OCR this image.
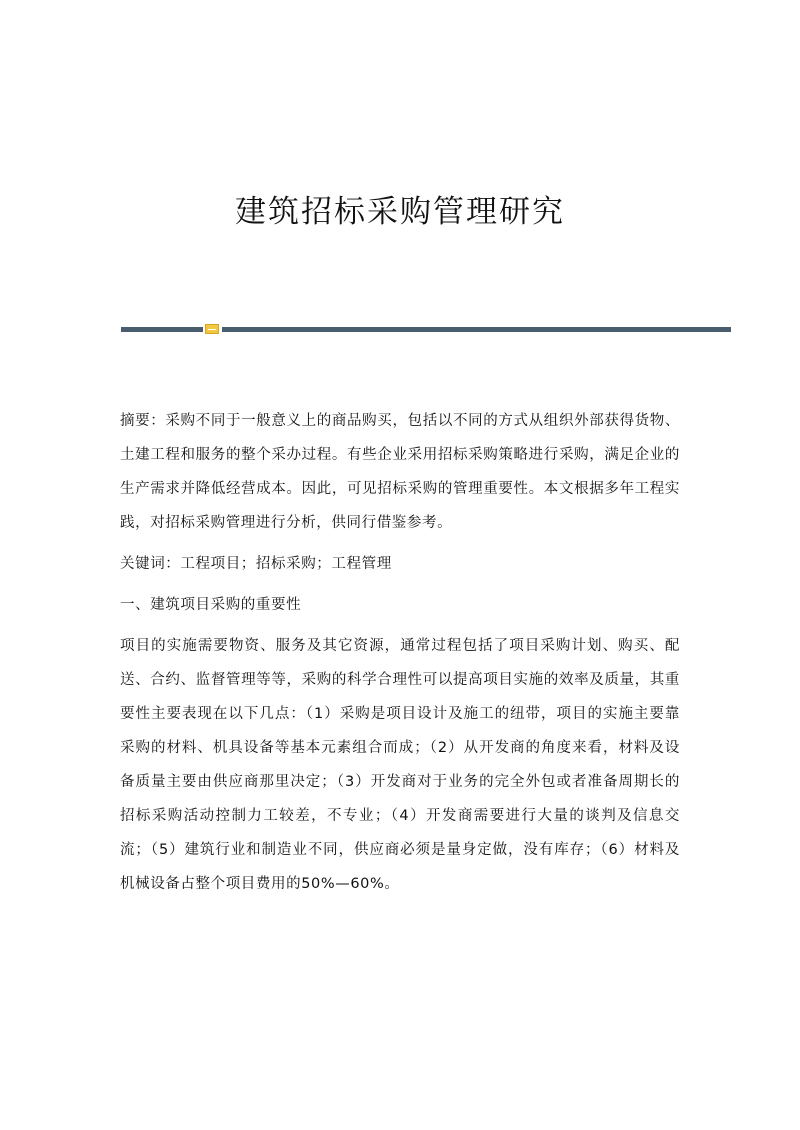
建筑招标采购管理研究

摘要：采购不同于一般意义上的商品购买，包括以不同的方式从组织外部获得货物、土建工程和服务的整个采办过程。有些企业采用招标采购策略进行采购，满足企业的生产需求并降低经营成本。因此，可见招标采购的管理重要性。本文根据多年工程实践，对招标采购管理进行分析，供同行借鉴参考。

关键词：工程项目；招标采购；工程管理

一、建筑项目采购的重要性

项目的实施需要物资、服务及其它资源，通常过程包括了项目采购计划、购买、配送、合约、监督管理等等，采购的科学合理性可以提高项目实施的效率及质量，其重要性主要表现在以下几点：（1）采购是项目设计及施工的纽带，项目的实施主要靠采购的材料、机具设备等基本元素组合而成；（2）从开发商的角度来看，材料及设备质量主要由供应商那里决定；（3）开发商对于业务的完全外包或者准备周期长的招标采购活动控制力工较差，不专业；（4）开发商需要进行大量的谈判及信息交流；（5）建筑行业和制造业不同，供应商必须是量身定做，没有库存；（6）材料及机械设备占整个项目费用的50%—60%。
